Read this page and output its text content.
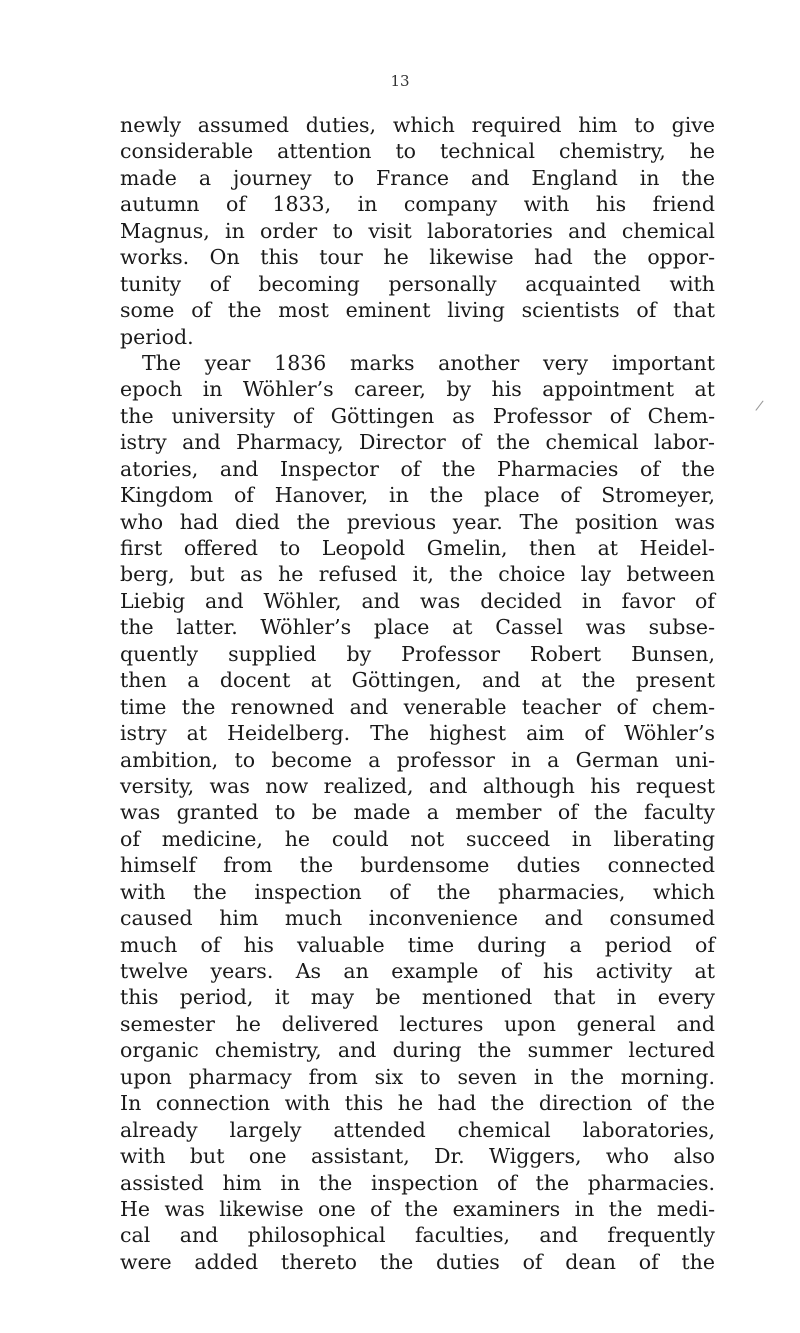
13
newly assumed duties, which required him to give
considerable attention to technical chemistry, he
made a journey to France and England in the
autumn of 1833, in company with his friend
Magnus, in order to visit laboratories and chemical
works. On this tour he likewise had the oppor-
tunity of becoming personally acquainted with
some of the most eminent living scientists of that
period.
The year 1836 marks another very important
epoch in Wöhler’s career, by his appointment at
the university of Göttingen as Professor of Chem-
istry and Pharmacy, Director of the chemical labor-
atories, and Inspector of the Pharmacies of the
Kingdom of Hanover, in the place of Stromeyer,
who had died the previous year. The position was
first offered to Leopold Gmelin, then at Heidel-
berg, but as he refused it, the choice lay between
Liebig and Wöhler, and was decided in favor of
the latter. Wöhler’s place at Cassel was subse-
quently supplied by Professor Robert Bunsen,
then a docent at Göttingen, and at the present
time the renowned and venerable teacher of chem-
istry at Heidelberg. The highest aim of Wöhler’s
ambition, to become a professor in a German uni-
versity, was now realized, and although his request
was granted to be made a member of the faculty
of medicine, he could not succeed in liberating
himself from the burdensome duties connected
with the inspection of the pharmacies, which
caused him much inconvenience and consumed
much of his valuable time during a period of
twelve years. As an example of his activity at
this period, it may be mentioned that in every
semester he delivered lectures upon general and
organic chemistry, and during the summer lectured
upon pharmacy from six to seven in the morning.
In connection with this he had the direction of the
already largely attended chemical laboratories,
with but one assistant, Dr. Wiggers, who also
assisted him in the inspection of the pharmacies.
He was likewise one of the examiners in the medi-
cal and philosophical faculties, and frequently
were added thereto the duties of dean of the
/
